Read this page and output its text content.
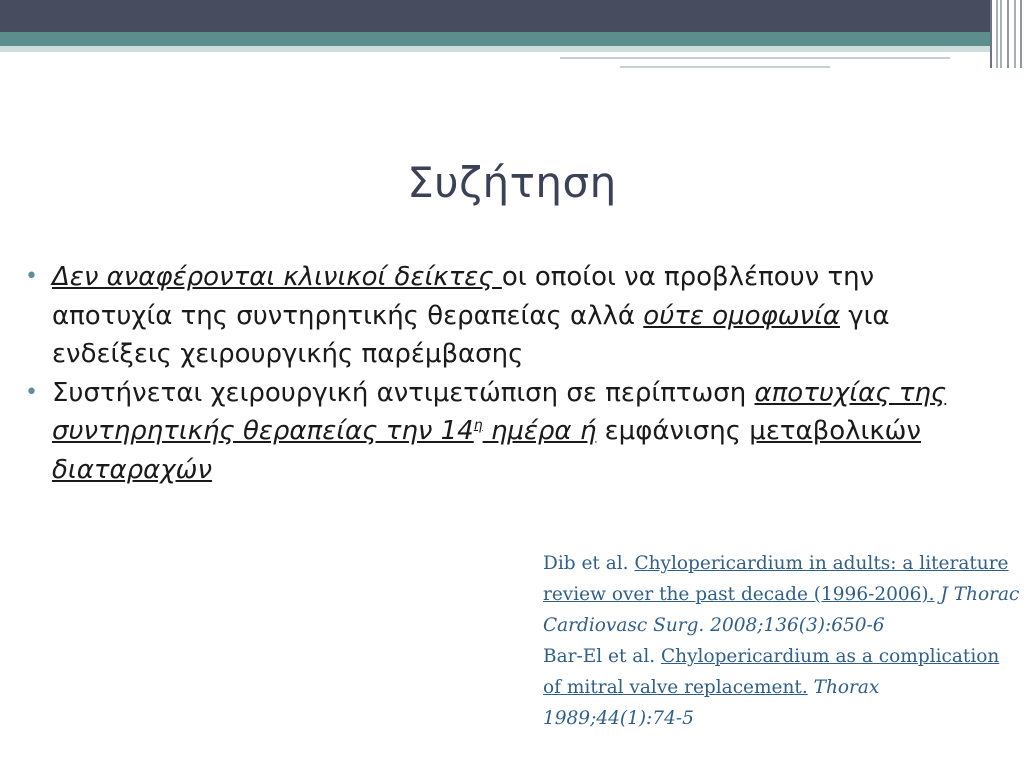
Συζήτηση
• Δεν αναφέρονται κλινικοί δείκτες οι οποίοι να προβλέπουν την αποτυχία της συντηρητικής θεραπείας αλλά ούτε ομοφωνία για ενδείξεις χειρουργικής παρέμβασης
• Συστήνεται χειρουργική αντιμετώπιση σε περίπτωση αποτυχίας της συντηρητικής θεραπείας την $14^\eta$ ημέρα ή εμφάνισης μεταβολικών διαταραχών

Dib et al. Chylopericardium in adults: a literature review over the past decade (1996-2006). J Thorac Cardiovasc Surg. 2008;136(3):650-6

Bar-El et al. Chylopericardium as a complication of mitral valve replacement. Thorax 1989;44(1):74-5
